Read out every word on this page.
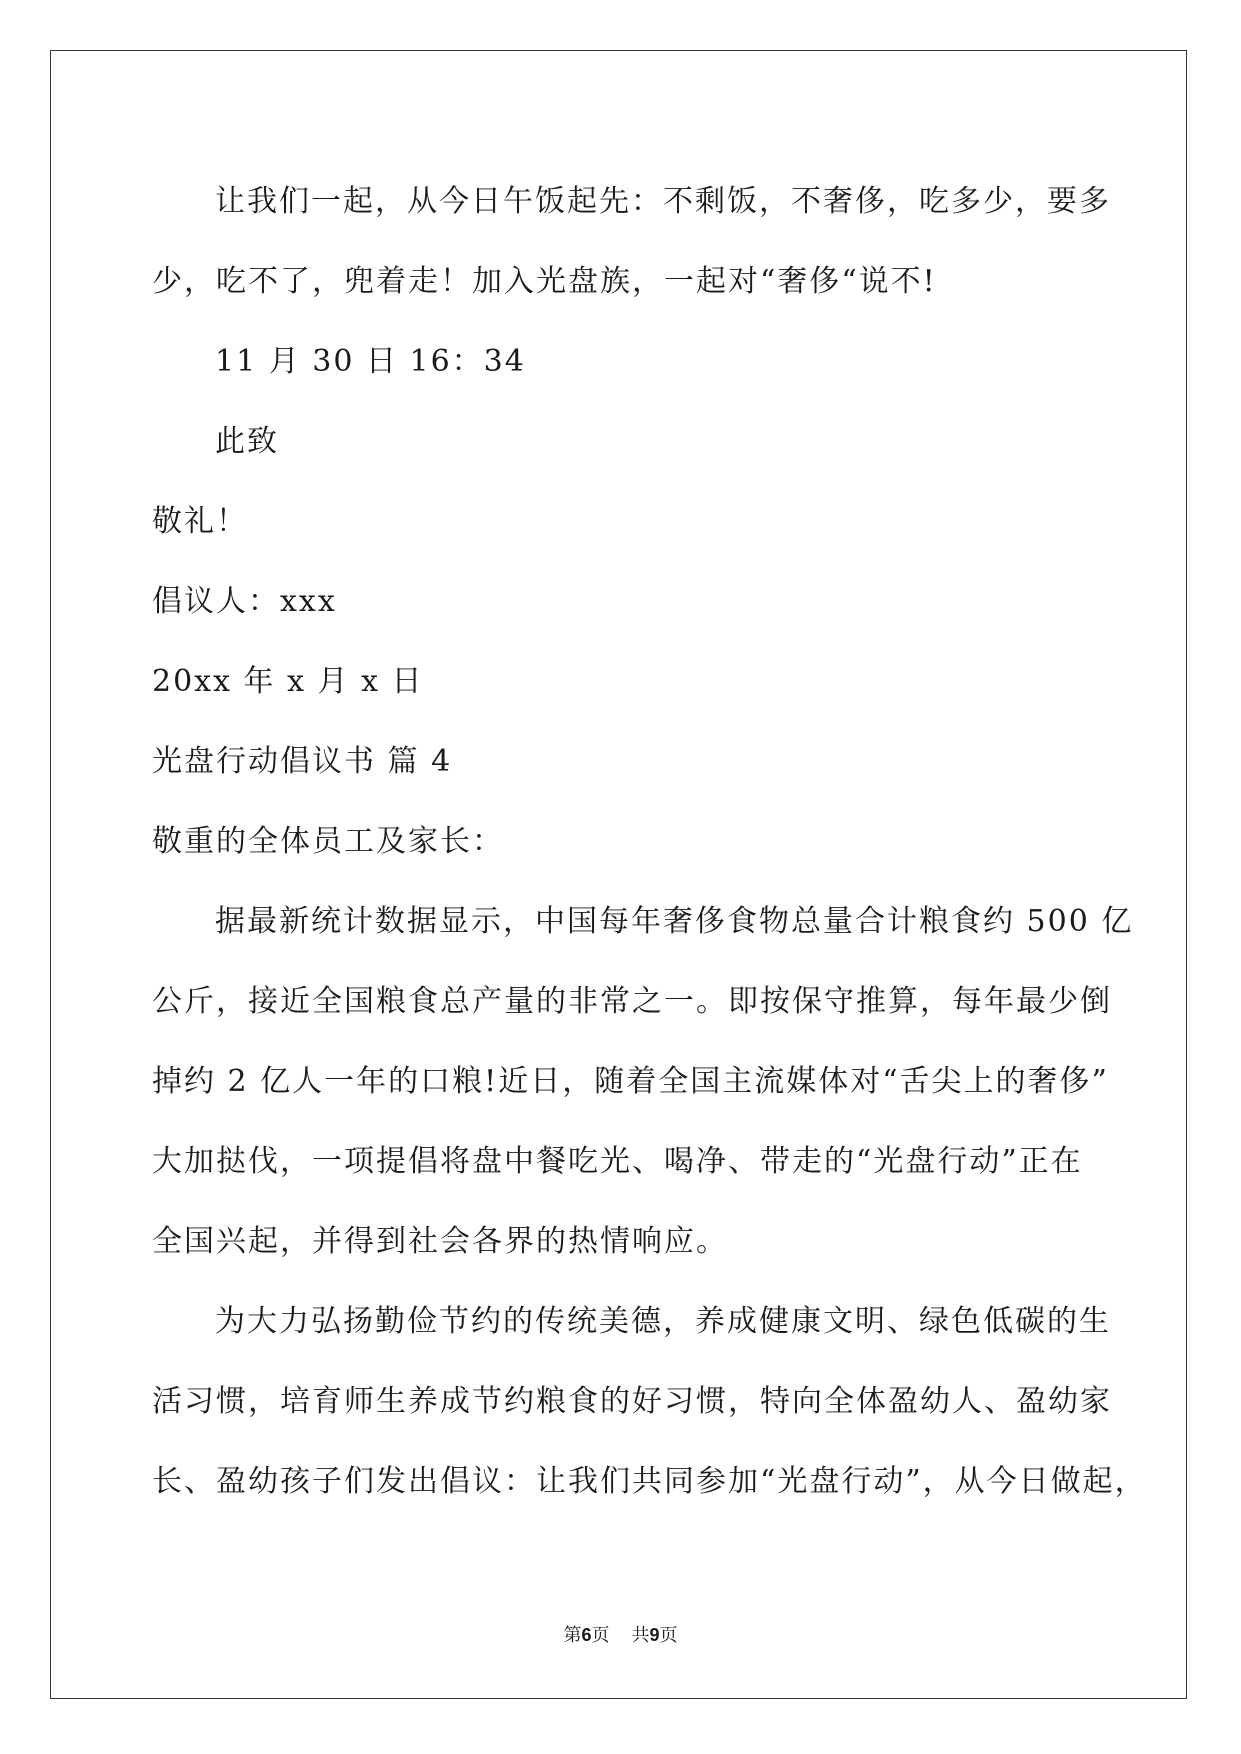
让我们一起，从今日午饭起先：不剩饭，不奢侈，吃多少，要多

少，吃不了，兜着走！加入光盘族，一起对“奢侈“说不!

11 月 30 日 16：34

此致

敬礼！

倡议人：xxx

20xx 年 x 月 x 日

光盘行动倡议书 篇 4

敬重的全体员工及家长：

据最新统计数据显示，中国每年奢侈食物总量合计粮食约 500 亿

公斤，接近全国粮食总产量的非常之一。即按保守推算，每年最少倒

掉约 2 亿人一年的口粮!近日，随着全国主流媒体对“舌尖上的奢侈”

大加挞伐，一项提倡将盘中餐吃光、喝净、带走的“光盘行动”正在

全国兴起，并得到社会各界的热情响应。

为大力弘扬勤俭节约的传统美德，养成健康文明、绿色低碳的生

活习惯，培育师生养成节约粮食的好习惯，特向全体盈幼人、盈幼家

长、盈幼孩子们发出倡议：让我们共同参加“光盘行动”，从今日做起，

第6页 共9页
